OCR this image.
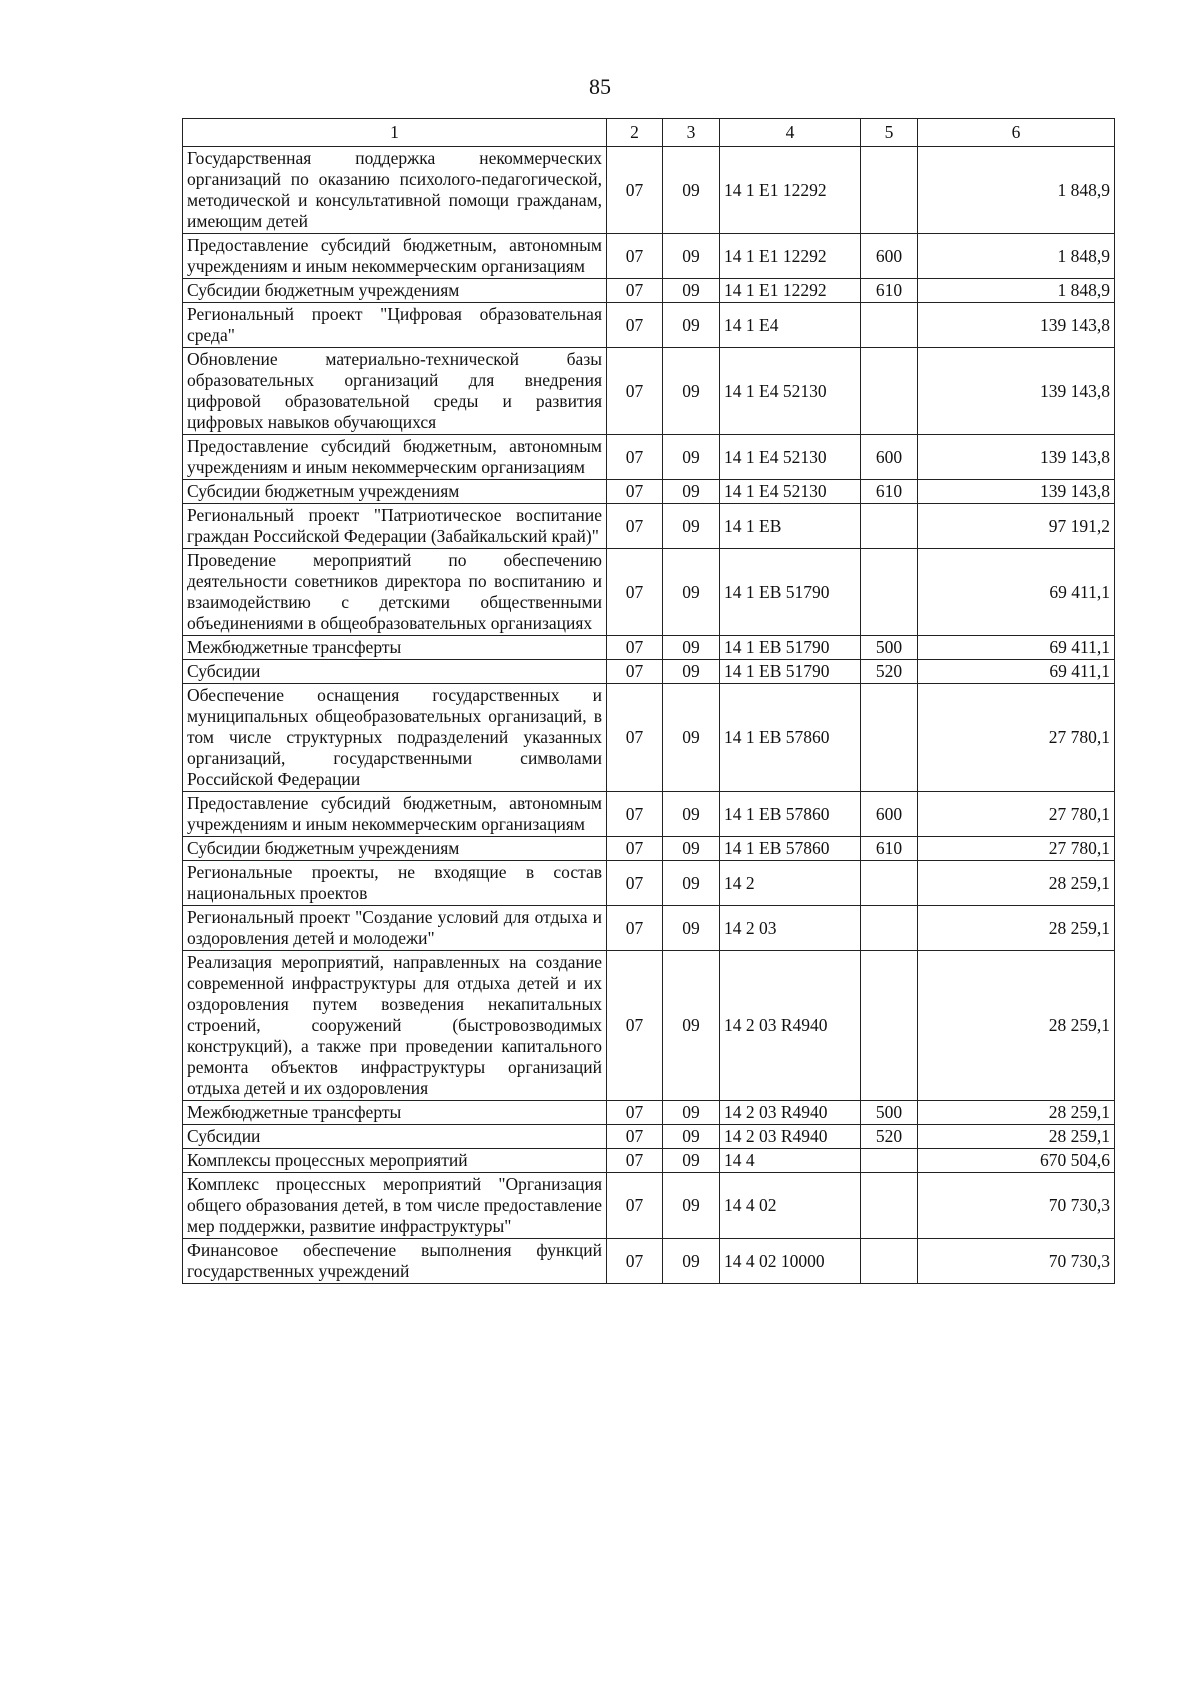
85
1	2	3	4	5	6
Государственная поддержка некоммерческих организаций по оказанию психолого-педагогической, методической и консультативной помощи гражданам, имеющим детей	07	09	14 1 E1 12292		1 848,9
Предоставление субсидий бюджетным, автономным учреждениям и иным некоммерческим организациям	07	09	14 1 E1 12292	600	1 848,9
Субсидии бюджетным учреждениям	07	09	14 1 E1 12292	610	1 848,9
Региональный проект "Цифровая образовательная среда"	07	09	14 1 E4		139 143,8
Обновление материально-технической базы образовательных организаций для внедрения цифровой образовательной среды и развития цифровых навыков обучающихся	07	09	14 1 E4 52130		139 143,8
Предоставление субсидий бюджетным, автономным учреждениям и иным некоммерческим организациям	07	09	14 1 E4 52130	600	139 143,8
Субсидии бюджетным учреждениям	07	09	14 1 E4 52130	610	139 143,8
Региональный проект "Патриотическое воспитание граждан Российской Федерации (Забайкальский край)"	07	09	14 1 EB		97 191,2
Проведение мероприятий по обеспечению деятельности советников директора по воспитанию и взаимодействию с детскими общественными объединениями в общеобразовательных организациях	07	09	14 1 EB 51790		69 411,1
Межбюджетные трансферты	07	09	14 1 EB 51790	500	69 411,1
Субсидии	07	09	14 1 EB 51790	520	69 411,1
Обеспечение оснащения государственных и муниципальных общеобразовательных организаций, в том числе структурных подразделений указанных организаций, государственными символами Российской Федерации	07	09	14 1 EB 57860		27 780,1
Предоставление субсидий бюджетным, автономным учреждениям и иным некоммерческим организациям	07	09	14 1 EB 57860	600	27 780,1
Субсидии бюджетным учреждениям	07	09	14 1 EB 57860	610	27 780,1
Региональные проекты, не входящие в состав национальных проектов	07	09	14 2		28 259,1
Региональный проект "Создание условий для отдыха и оздоровления детей и молодежи"	07	09	14 2 03		28 259,1
Реализация мероприятий, направленных на создание современной инфраструктуры для отдыха детей и их оздоровления путем возведения некапитальных строений, сооружений (быстровозводимых конструкций), а также при проведении капитального ремонта объектов инфраструктуры организаций отдыха детей и их оздоровления	07	09	14 2 03 R4940		28 259,1
Межбюджетные трансферты	07	09	14 2 03 R4940	500	28 259,1
Субсидии	07	09	14 2 03 R4940	520	28 259,1
Комплексы процессных мероприятий	07	09	14 4		670 504,6
Комплекс процессных мероприятий "Организация общего образования детей, в том числе предоставление мер поддержки, развитие инфраструктуры"	07	09	14 4 02		70 730,3
Финансовое обеспечение выполнения функций государственных учреждений	07	09	14 4 02 10000		70 730,3
